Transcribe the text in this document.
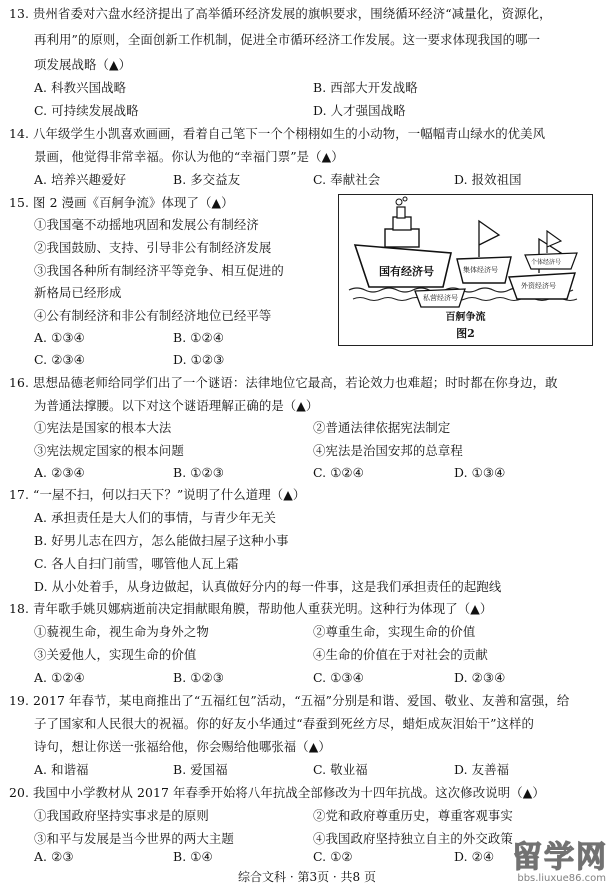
13. 贵州省委对六盘水经济提出了高举循环经济发展的旗帜要求，围绕循环经济“减量化，资源化，
再利用”的原则，全面创新工作机制，促进全市循环经济工作发展。这一要求体现我国的哪一
项发展战略（▲）
A. 科教兴国战略	B. 西部大开发战略
C. 可持续发展战略	D. 人才强国战略
14. 八年级学生小凯喜欢画画，看着自己笔下一个个栩栩如生的小动物，一幅幅青山绿水的优美风
景画，他觉得非常幸福。你认为他的“幸福门票”是（▲）
A. 培养兴趣爱好	B. 多交益友	C. 奉献社会	D. 报效祖国
15. 图 2 漫画《百舸争流》体现了（▲）
①我国毫不动摇地巩固和发展公有制经济
②我国鼓励、支持、引导非公有制经济发展
③我国各种所有制经济平等竞争、相互促进的
新格局已经形成
④公有制经济和非公有制经济地位已经平等
A. ①③④	B. ①②④
C. ②③④	D. ①②③
国有经济号	集体经济号
外资经济号
私营经济号
个体经济号
百舸争流
图2
16. 思想品德老师给同学们出了一个谜语：法律地位它最高，若论效力也难超；时时都在你身边，敢
为普通法撑腰。以下对这个谜语理解正确的是（▲）
①宪法是国家的根本大法	②普通法律依据宪法制定
③宪法规定国家的根本问题	④宪法是治国安邦的总章程
A. ②③④	B. ①②③	C. ①②④	D. ①③④
17. “一屋不扫，何以扫天下？”说明了什么道理（▲）
A. 承担责任是大人们的事情，与青少年无关
B. 好男儿志在四方，怎么能做扫屋子这种小事
C. 各人自扫门前雪，哪管他人瓦上霜
D. 从小处着手，从身边做起，认真做好分内的每一件事，这是我们承担责任的起跑线
18. 青年歌手姚贝娜病逝前决定捐献眼角膜，帮助他人重获光明。这种行为体现了（▲）
①藐视生命，视生命为身外之物	②尊重生命，实现生命的价值
③关爱他人，实现生命的价值	④生命的价值在于对社会的贡献
A. ①②④	B. ①②③	C. ①③④	D. ②③④
19. 2017 年春节，某电商推出了“五福红包”活动，“五福”分别是和谐、爱国、敬业、友善和富强，给
子了国家和人民很大的祝福。你的好友小华通过“春蚕到死丝方尽，蜡炬成灰泪始干”这样的
诗句，想让你送一张福给他，你会赐给他哪张福（▲）
A. 和谐福	B. 爱国福	C. 敬业福	D. 友善福
20. 我国中小学教材从 2017 年春季开始将八年抗战全部修改为十四年抗战。这次修改说明（▲）
①我国政府坚持实事求是的原则	②党和政府尊重历史，尊重客观事实
③和平与发展是当今世界的两大主题	④我国政府坚持独立自主的外交政策
A. ②③	B. ①④	C. ①②	D. ②④
综合文科 · 第3页 · 共8 页
留学网
bbs.liuxue86.com
